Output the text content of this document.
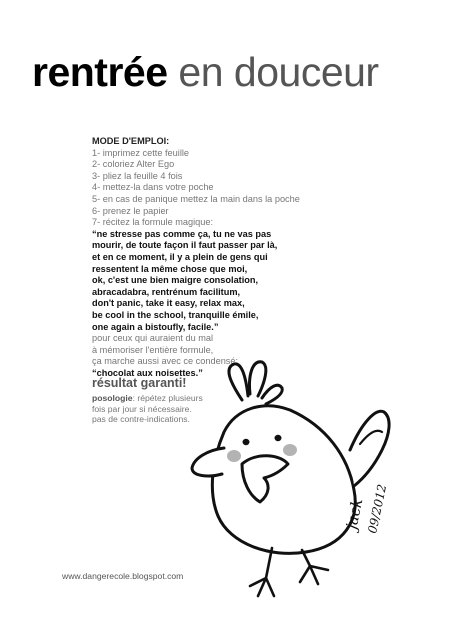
rentrée en douceur
MODE D'EMPLOI:
1- imprimez cette feuille
2- coloriez Alter Ego
3- pliez la feuille 4 fois
4- mettez-la dans votre poche
5- en cas de panique mettez la main dans la poche
6- prenez le papier
7- récitez la formule magique:
“ne stresse pas comme ça, tu ne vas pas
mourir, de toute façon il faut passer par là,
et en ce moment, il y a plein de gens qui
ressentent la même chose que moi,
ok, c'est une bien maigre consolation,
abracadabra, rentrénum facilitum,
don't panic, take it easy, relax max,
be cool in the school, tranquille émile,
one again a bistoufly, facile.”
pour ceux qui auraient du mal
à mémoriser l'entière formule,
ça marche aussi avec ce condensé:
“chocolat aux noisettes.”
résultat garanti!
posologie: répétez plusieurs
fois par jour si nécessaire.
pas de contre-indications.
www.dangerecole.blogspot.com
jack
09/2012
